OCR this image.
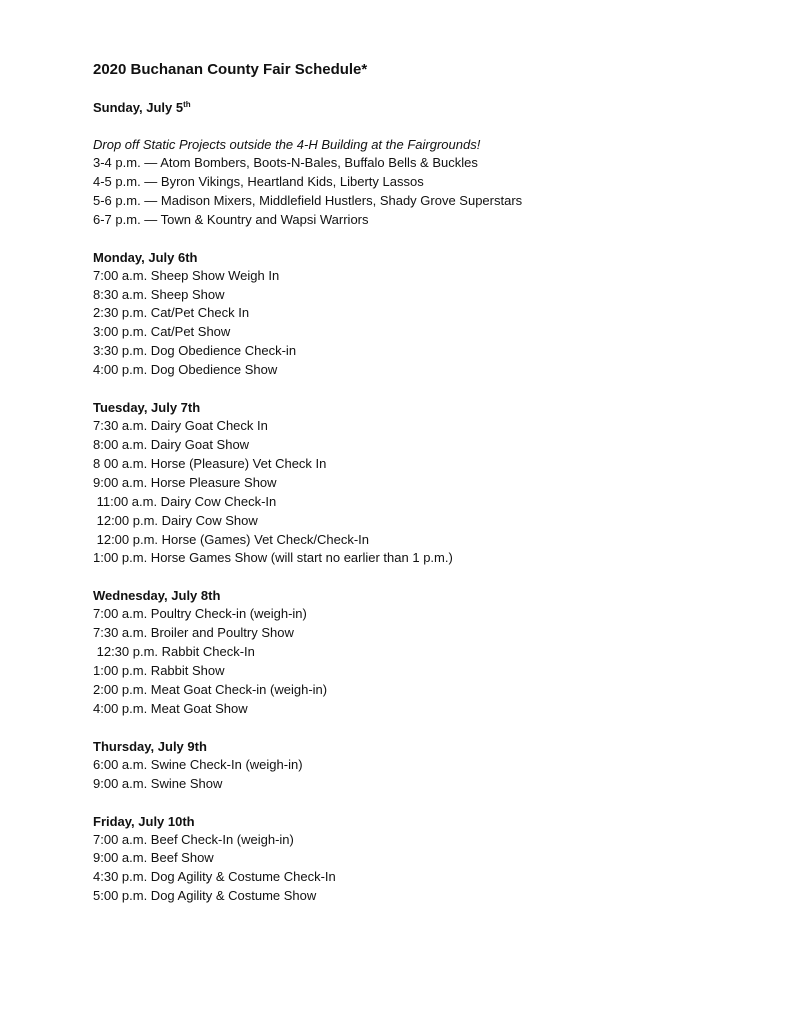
2020 Buchanan County Fair Schedule*
Sunday, July 5th
Drop off Static Projects outside the 4-H Building at the Fairgrounds!
3-4 p.m. — Atom Bombers, Boots-N-Bales, Buffalo Bells & Buckles
4-5 p.m. — Byron Vikings, Heartland Kids, Liberty Lassos
5-6 p.m. — Madison Mixers, Middlefield Hustlers, Shady Grove Superstars
6-7 p.m. — Town & Kountry and Wapsi Warriors
Monday, July 6th
7:00 a.m. Sheep Show Weigh In
8:30 a.m. Sheep Show
2:30 p.m. Cat/Pet Check In
3:00 p.m. Cat/Pet Show
3:30 p.m. Dog Obedience Check-in
4:00 p.m. Dog Obedience Show
Tuesday, July 7th
7:30 a.m. Dairy Goat Check In
8:00 a.m. Dairy Goat Show
8 00 a.m. Horse (Pleasure) Vet Check In
9:00 a.m. Horse Pleasure Show
11:00 a.m. Dairy Cow Check-In
12:00 p.m. Dairy Cow Show
12:00 p.m. Horse (Games) Vet Check/Check-In
1:00 p.m. Horse Games Show (will start no earlier than 1 p.m.)
Wednesday, July 8th
7:00 a.m. Poultry Check-in (weigh-in)
7:30 a.m. Broiler and Poultry Show
12:30 p.m. Rabbit Check-In
1:00 p.m. Rabbit Show
2:00 p.m. Meat Goat Check-in (weigh-in)
4:00 p.m. Meat Goat Show
Thursday, July 9th
6:00 a.m. Swine Check-In (weigh-in)
9:00 a.m. Swine Show
Friday, July 10th
7:00 a.m. Beef Check-In (weigh-in)
9:00 a.m. Beef Show
4:30 p.m. Dog Agility & Costume Check-In
5:00 p.m. Dog Agility & Costume Show
